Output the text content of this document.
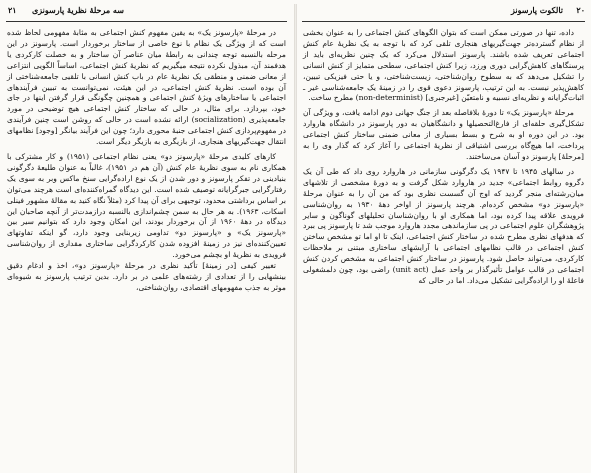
۲۱ سه مرحلهٔ نظریهٔ پارسونزی

در مرحلهٔ «پارسونز یک» به یقین مفهوم کنش اجتماعی به مثابهٔ مفهومی لحاظ شده است که از ویژگی یک نظام با نوع خاصی از ساختار برخوردار است. پارسونز در این مرحله بالنسبه توجه چندانی به رابطهٔ میان عناصر آن ساختار و به خصلت کارکردی یا هدفمند آن، مبذول نکرده نتیجه میگیریم که نظریهٔ کنش اجتماعی، اساساً الگویی انتزاعی از معانی ضمنی و منطقی یک نظریهٔ عام در باب کنش انسانی با تلقیی جامعه‌شناختی از آن بوده است. نظریهٔ کنش اجتماعی، در این هیئت، نمی‌توانست به تبیین فرآیندهای اجتماعی یا ساختارهای ویژهٔ کنش اجتماعی و همچنین چگونگی قرار گرفتن اینها در جای خود، بپردازد. برای مثال، در حالی که ساختار کنش اجتماعی هیچ توضیحی در مورد جامعه‌پذیری (socialization) ارائه نشده است در حالی که روشن است چنین فرآیندی در مفهوم‌پردازی کنش اجتماعی جنبهٔ محوری دارد؛ چون این فرآیند بیانگر [وجود] نظامهای انتقال جهت‌گیریهای هنجاری، از بازیگری به بازیگر دیگر است.

کارهای کلیدی مرحلهٔ «پارسونز دو» یعنی نظام اجتماعی (۱۹۵۱) و کار مشترکی با همکاری نام به سوی نظریهٔ عام کنش (آن هم در ۱۹۵۱)، غالباً به عنوان طلیعهٔ دگرگونی بنیادینی در تفکر پارسونز و دور شدن از یک نوع اراده‌گرایی سنخ ماکس وبر به سوی یک رفتارگرایی جبرگرایانه توصیف شده است. این دیدگاه گمراه‌کننده‌ای است هرچند می‌توان بر اساس برداشتی محدود، توجیهی برای آن پیدا کرد (مثلاً نگاه کنید به مقالهٔ مشهور فینلی اسکات، ۱۹۶۳). به هر حال به سمن چشم‌اندازی بالنسبه درازمدت‌تر از آنچه صاحبان این دیدگاه در دههٔ ۱۹۶۰ از آن برخوردار بودند، این امکان وجود دارد که بتوانیم سیر بین «پارسونز یک» و «پارسونز دو» تداومی زیربنایی وجود دارد، گو اینکه تفاوتهای تعیین‌کننده‌ای نیز در زمینهٔ افزوده شدن کارکردگرایی ساختاری مقداری از روان‌شناسی فرویدی به نظریهٔ او بچشم می‌خورد.

تغییر کیفی [در زمینهٔ] تأکید نظری در مرحلهٔ «پارسونز دو»، اخذ و ادغام دقیق بینشهایی را از تعدادی از رشته‌های علمی در بر دارد. بدین ترتیب پارسونز به شیوه‌ای موثر به جذب مفهومهای اقتصادی، روان‌شناختی،

۲۰
تالکوت پارسونز

داده، تنها در صورتی ممکن است که بتوان الگوهای کنش اجتماعی را به عنوان بخشی از نظام گسترده‌تر جهت‌گیریهای هنجاری تلقی کرد که با توجه به یک نظریهٔ عام کنش اجتماعی تعریف شده باشند. پارسونز استدلال می‌کرد که یک چنین نظریه‌ای باید از پرسنگاهای کاهش‌گرایی دوری ورزد، زیرا کنش اجتماعی، سطحی متمایز از کنش انسانی را تشکیل می‌دهد که به سطوح روان‌شناختی، زیست‌شناختی، و یا حتی فیزیکی تبیین، کاهش‌پذیر نیست. به این ترتیب، پارسونز دعوی قوی را در زمینهٔ یک جامعه‌شناسی غیر ـ اثبات‌گرایانه و نظریه‌ای نسبیه و نامتعیّن [غیرجبری] (non-determinist) مطرح ساخت.

مرحلهٔ «پارسونز یک» تا دورهٔ بلافاصله بعد از جنگ جهانی دوم ادامه یافت، و ویژگی آن تشکل‌گیری حلقه‌ای از فارغ‌التحصیلها و دانشگاهیان به دور پارسونز در دانشگاه هاروارد بود. در این دوره او به شرح و بسط بسیاری از معانی ضمنی ساختار کنش اجتماعی پرداخت، اما هیچ‌گاه بررسی اشتیاقی از نظریهٔ اجتماعی را آغاز کرد که گذار وی را به [مرحلهٔ] پارسونز دو آسان می‌ساختند.

در سالهای ۱۹۴۵ تا ۱۹۴۷ یک دگرگونی سازمانی در هاروارد روی داد که طی آن یک دگروه روابط اجتماعی» جدید در هاروارد شکل گرفت و به دورهٔ مشخصی از تلاشهای میان‌رشته‌ای منجر گردید که اوج آن گسست نظری بود که من آن را به عنوان مرحلهٔ «پارسونز دو» مشخص کرده‌ام. هرچند پارسونز از اواخر دههٔ ۱۹۳۰ به روان‌شناسی فرویدی علاقه پیدا کرده بود، اما همکاری او با روان‌شناسان تحلیلهای گوناگون و سایر پژوهشگران علوم اجتماعی در پی سازماندهی مجدد هاروارد موجب شد تا پارسونز پی ببرد که هدفهای نظری مطرح شده در ساختار کنش اجتماعی، اینک تا او اما تو مشخص ساختن کنش اجتماعی در قالب نظامهای اجتماعی با آرایشهای ساختاری مبتنی بر ملاحظات کارکردی، می‌تواند حاصل شود. پارسونز در ساختار کنش اجتماعی به مشخص کردن کنش اجتماعی در قالب عوامل تأثیرگذار بر واحد عمل (unit act) راضی بود، چون دلمشغولی فاعلهٔ او را اراده‌گرایی تشکیل می‌داد. اما در حالی که
